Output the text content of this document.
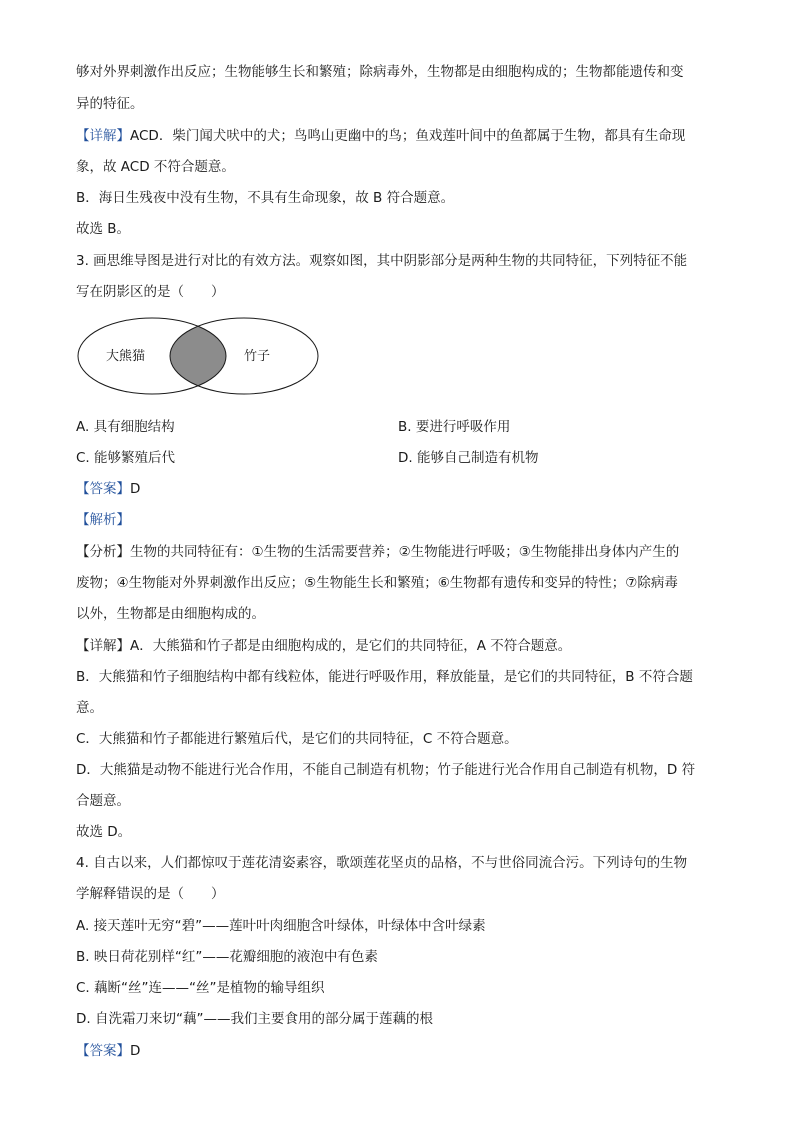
够对外界刺激作出反应；生物能够生长和繁殖；除病毒外，生物都是由细胞构成的；生物都能遗传和变
异的特征。
【详解】ACD．柴门闻犬吠中的犬；鸟鸣山更幽中的鸟；鱼戏莲叶间中的鱼都属于生物，都具有生命现
象，故 ACD 不符合题意。
B．海日生残夜中没有生物，不具有生命现象，故 B 符合题意。
故选 B。
3. 画思维导图是进行对比的有效方法。观察如图，其中阴影部分是两种生物的共同特征，下列特征不能
写在阴影区的是（　　）
大熊猫	竹子
A. 具有细胞结构	B. 要进行呼吸作用
C. 能够繁殖后代	D. 能够自己制造有机物
【答案】D
【解析】
【分析】生物的共同特征有：①生物的生活需要营养；②生物能进行呼吸；③生物能排出身体内产生的
废物；④生物能对外界刺激作出反应；⑤生物能生长和繁殖；⑥生物都有遗传和变异的特性；⑦除病毒
以外，生物都是由细胞构成的。
【详解】A．大熊猫和竹子都是由细胞构成的，是它们的共同特征，A 不符合题意。
B．大熊猫和竹子细胞结构中都有线粒体，能进行呼吸作用，释放能量，是它们的共同特征，B 不符合题
意。
C．大熊猫和竹子都能进行繁殖后代，是它们的共同特征，C 不符合题意。
D．大熊猫是动物不能进行光合作用，不能自己制造有机物；竹子能进行光合作用自己制造有机物，D 符
合题意。
故选 D。
4. 自古以来，人们都惊叹于莲花清姿素容，歌颂莲花坚贞的品格，不与世俗同流合污。下列诗句的生物
学解释错误的是（　　）
A. 接天莲叶无穷“碧”——莲叶叶肉细胞含叶绿体，叶绿体中含叶绿素
B. 映日荷花别样“红”——花瓣细胞的液泡中有色素
C. 藕断“丝”连——“丝”是植物的输导组织
D. 自洗霜刀来切“藕”——我们主要食用的部分属于莲藕的根
【答案】D
